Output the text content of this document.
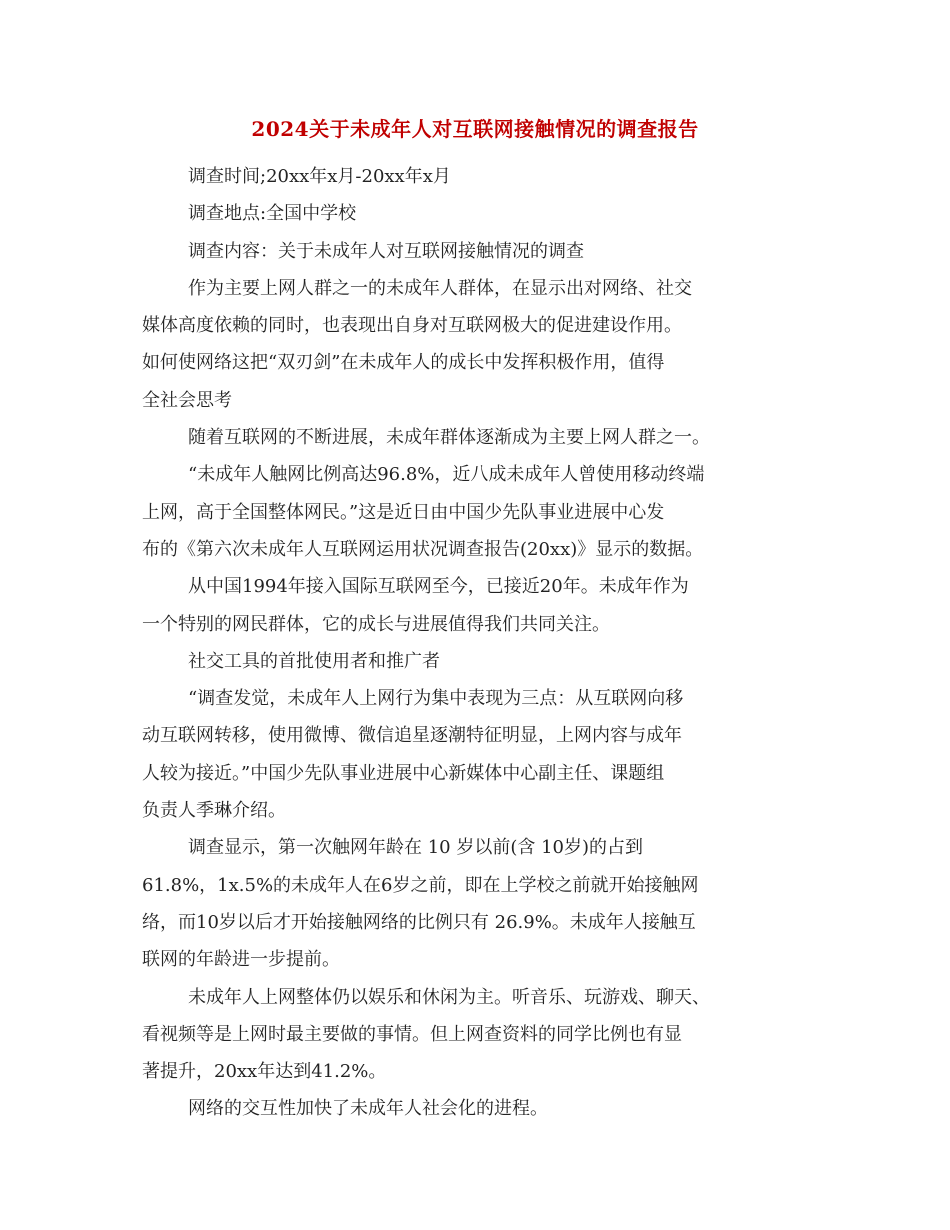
2024关于未成年人对互联网接触情况的调查报告
调查时间;20xx年x月-20xx年x月
调查地点:全国中学校
调查内容：关于未成年人对互联网接触情况的调查
作为主要上网人群之一的未成年人群体，在显示出对网络、社交
媒体高度依赖的同时，也表现出自身对互联网极大的促进建设作用。
如何使网络这把“双刃剑”在未成年人的成长中发挥积极作用，值得
全社会思考
随着互联网的不断进展，未成年群体逐渐成为主要上网人群之一。
“未成年人触网比例高达96.8%，近八成未成年人曾使用移动终端
上网，高于全国整体网民。”这是近日由中国少先队事业进展中心发
布的《第六次未成年人互联网运用状况调查报告(20xx)》显示的数据。
从中国1994年接入国际互联网至今，已接近20年。未成年作为
一个特别的网民群体，它的成长与进展值得我们共同关注。
社交工具的首批使用者和推广者
“调查发觉，未成年人上网行为集中表现为三点：从互联网向移
动互联网转移，使用微博、微信追星逐潮特征明显，上网内容与成年
人较为接近。”中国少先队事业进展中心新媒体中心副主任、课题组
负责人季琳介绍。
调查显示，第一次触网年龄在 10 岁以前(含 10岁)的占到
61.8%，1x.5%的未成年人在6岁之前，即在上学校之前就开始接触网
络，而10岁以后才开始接触网络的比例只有 26.9%。未成年人接触互
联网的年龄进一步提前。
未成年人上网整体仍以娱乐和休闲为主。听音乐、玩游戏、聊天、
看视频等是上网时最主要做的事情。但上网查资料的同学比例也有显
著提升，20xx年达到41.2%。
网络的交互性加快了未成年人社会化的进程。
